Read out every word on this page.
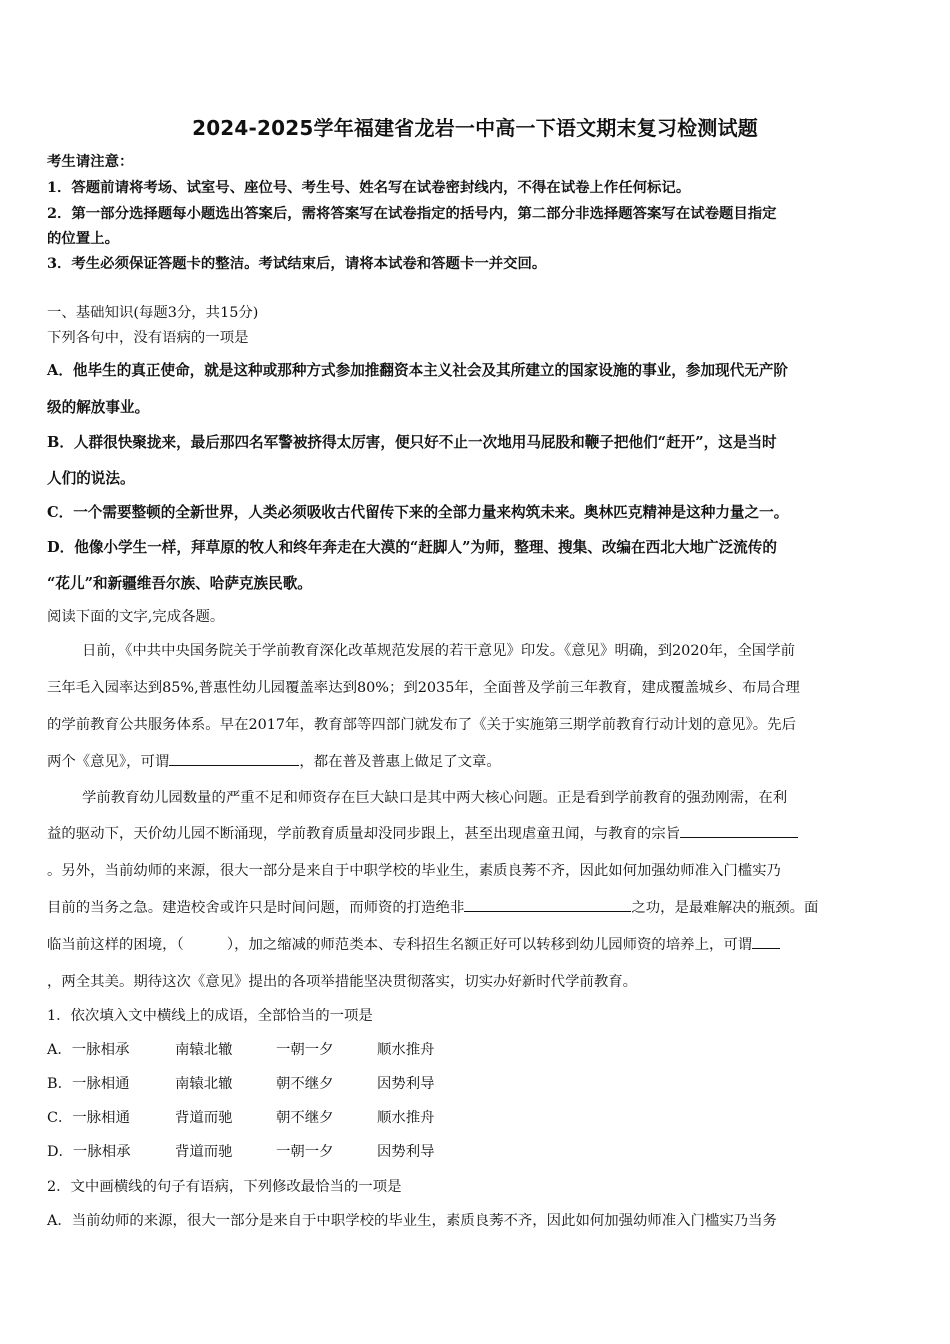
2024-2025学年福建省龙岩一中高一下语文期末复习检测试题
考生请注意：
1．答题前请将考场、试室号、座位号、考生号、姓名写在试卷密封线内，不得在试卷上作任何标记。
2．第一部分选择题每小题选出答案后，需将答案写在试卷指定的括号内，第二部分非选择题答案写在试卷题目指定
的位置上。
3．考生必须保证答题卡的整洁。考试结束后，请将本试卷和答题卡一并交回。
一、基础知识(每题3分，共15分)
下列各句中，没有语病的一项是
A．他毕生的真正使命，就是这种或那种方式参加推翻资本主义社会及其所建立的国家设施的事业，参加现代无产阶
级的解放事业。
B．人群很快聚拢来，最后那四名军警被挤得太厉害，便只好不止一次地用马屁股和鞭子把他们“赶开”，这是当时
人们的说法。
C．一个需要整顿的全新世界，人类必须吸收古代留传下来的全部力量来构筑未来。奥林匹克精神是这种力量之一。
D．他像小学生一样，拜草原的牧人和终年奔走在大漠的“赶脚人”为师，整理、搜集、改编在西北大地广泛流传的
“花儿”和新疆维吾尔族、哈萨克族民歌。
阅读下面的文字,完成各题。
日前，《中共中央国务院关于学前教育深化改革规范发展的若干意见》印发。《意见》明确，到2020年，全国学前
三年毛入园率达到85%,普惠性幼儿园覆盖率达到80%；到2035年，全面普及学前三年教育，建成覆盖城乡、布局合理
的学前教育公共服务体系。早在2017年，教育部等四部门就发布了《关于实施第三期学前教育行动计划的意见》。先后
两个《意见》，可谓	，都在普及普惠上做足了文章。
学前教育幼儿园数量的严重不足和师资存在巨大缺口是其中两大核心问题。正是看到学前教育的强劲刚需，在利
益的驱动下，天价幼儿园不断涌现，学前教育质量却没同步跟上，甚至出现虐童丑闻，与教育的宗旨
。另外，当前幼师的来源，很大一部分是来自于中职学校的毕业生，素质良莠不齐，因此如何加强幼师准入门槛实乃
目前的当务之急。建造校舍或许只是时间问题，而师资的打造绝非	之功，是最难解决的瓶颈。面
临当前这样的困境，（　　　），加之缩减的师范类本、专科招生名额正好可以转移到幼儿园师资的培养上，可谓
，两全其美。期待这次《意见》提出的各项举措能坚决贯彻落实，切实办好新时代学前教育。
1．依次填入文中横线上的成语，全部恰当的一项是
A．一脉相承	南辕北辙	一朝一夕	顺水推舟
B．一脉相通	南辕北辙	朝不继夕	因势利导
C．一脉相通	背道而驰	朝不继夕	顺水推舟
D．一脉相承	背道而驰	一朝一夕	因势利导
2．文中画横线的句子有语病，下列修改最恰当的一项是
A．当前幼师的来源，很大一部分是来自于中职学校的毕业生，素质良莠不齐，因此如何加强幼师准入门槛实乃当务
